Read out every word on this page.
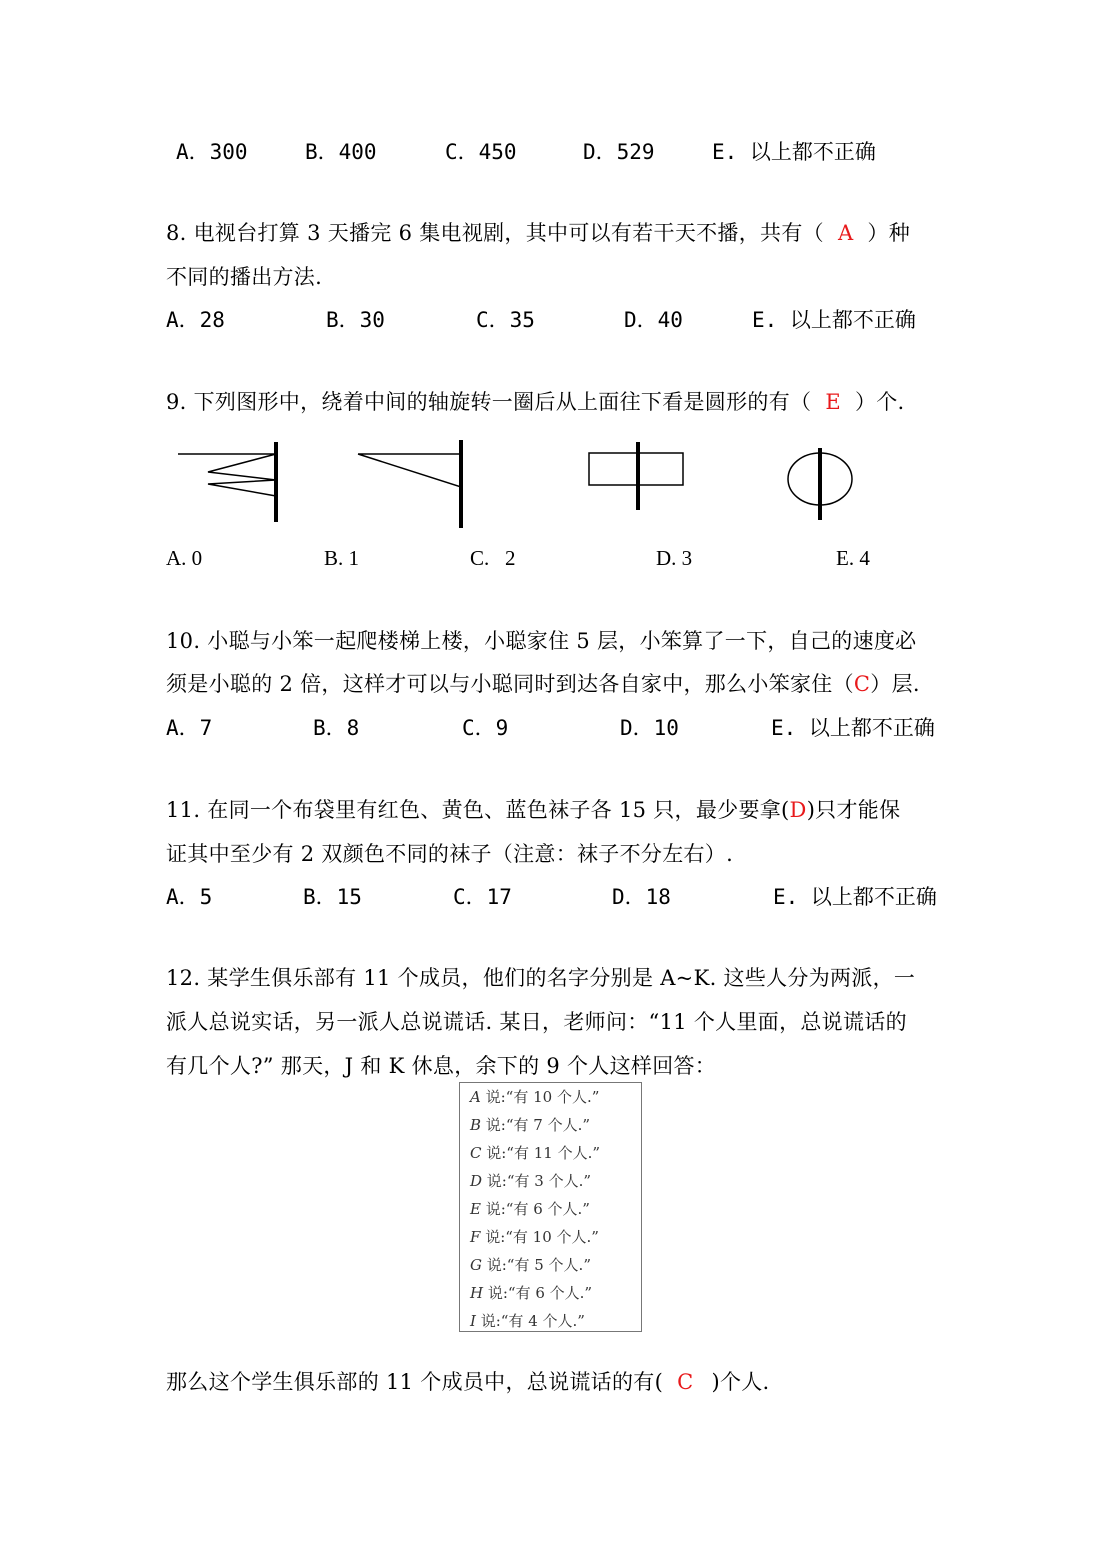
A．300	B．400	C．450	D．529	E. 以上都不正确
8. 电视台打算 3 天播完 6 集电视剧，其中可以有若干天不播，共有（ A ）种
不同的播出方法.
A．28	B．30	C．35	D．40	E. 以上都不正确
9. 下列图形中，绕着中间的轴旋转一圈后从上面往下看是圆形的有（ E ）个.
A. 0	B. 1	C.   2	D. 3	E. 4
10. 小聪与小笨一起爬楼梯上楼，小聪家住 5 层，小笨算了一下，自己的速度必
须是小聪的 2 倍，这样才可以与小聪同时到达各自家中，那么小笨家住（C）层.
A．7	B．8	C．9	D．10	E. 以上都不正确
11. 在同一个布袋里有红色、黄色、蓝色袜子各 15 只，最少要拿(D)只才能保
证其中至少有 2 双颜色不同的袜子（注意：袜子不分左右）.
A．5	B．15	C．17	D．18	E. 以上都不正确
12. 某学生俱乐部有 11 个成员，他们的名字分别是 A~K. 这些人分为两派，一
派人总说实话，另一派人总说谎话. 某日，老师问：“11 个人里面，总说谎话的
有几个人?” 那天，J 和 K 休息，余下的 9 个人这样回答：
A 说:“有 10 个人.”
B 说:“有 7 个人.”
C 说:“有 11 个人.”
D 说:“有 3 个人.”
E 说:“有 6 个人.”
F 说:“有 10 个人.”
G 说:“有 5 个人.”
H 说:“有 6 个人.”
I 说:“有 4 个人.”
那么这个学生俱乐部的 11 个成员中，总说谎话的有( C )个人.
